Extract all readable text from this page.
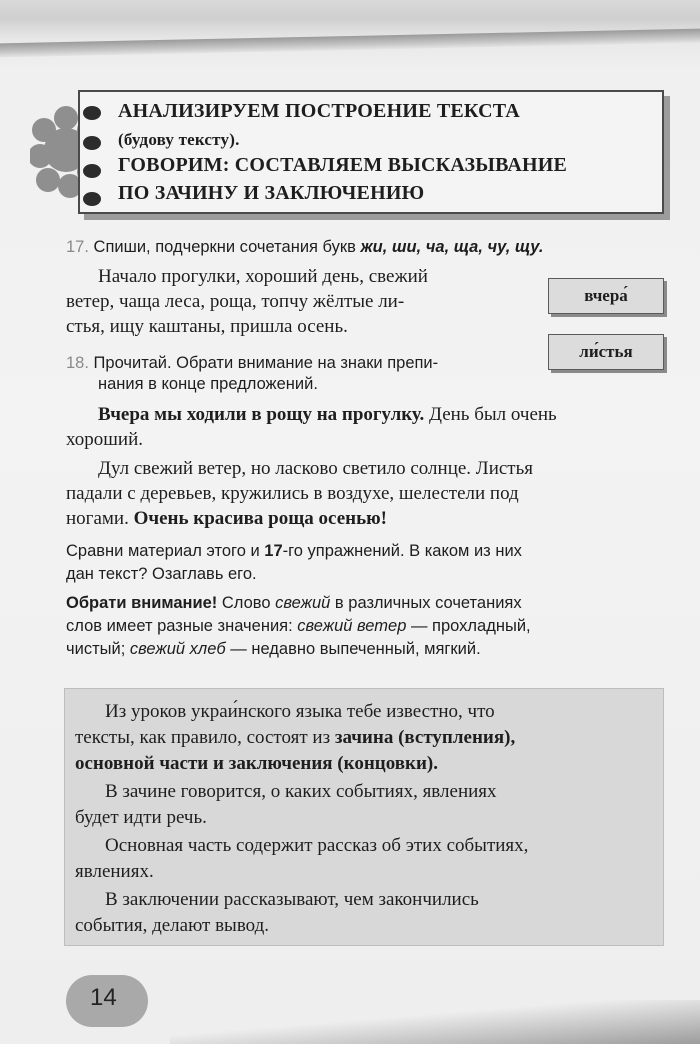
АНАЛИЗИРУЕМ ПОСТРОЕНИЕ ТЕКСТА
(будову тексту).
ГОВОРИМ: СОСТАВЛЯЕМ ВЫСКАЗЫВАНИЕ
ПО ЗАЧИНУ И ЗАКЛЮЧЕНИЮ
17. Спиши, подчеркни сочетания букв жи, ши, ча, ща, чу, щу.
Начало прогулки, хороший день, свежий
ветер, чаща леса, роща, топчу жёлтые ли-
стья, ищу каштаны, пришла осень.
вчера́
ли́стья
18. Прочитай. Обрати внимание на знаки препи-
нания в конце предложений.
Вчера мы ходили в рощу на прогулку. День был очень
хороший.
Дул свежий ветер, но ласково светило солнце. Листья
падали с деревьев, кружились в воздухе, шелестели под
ногами. Очень красива роща осенью!
Сравни материал этого и 17-го упражнений. В каком из них
дан текст? Озаглавь его.
Обрати внимание! Слово свежий в различных сочетаниях
слов имеет разные значения: свежий ветер — прохладный,
чистый; свежий хлеб — недавно выпеченный, мягкий.
Из уроков украи́нского языка тебе известно, что
тексты, как правило, состоят из зачина (вступления),
основной части и заключения (концовки).
В зачине говорится, о каких событиях, явлениях
будет идти речь.
Основная часть содержит рассказ об этих событиях,
явлениях.
В заключении рассказывают, чем закончились
события, делают вывод.
14
